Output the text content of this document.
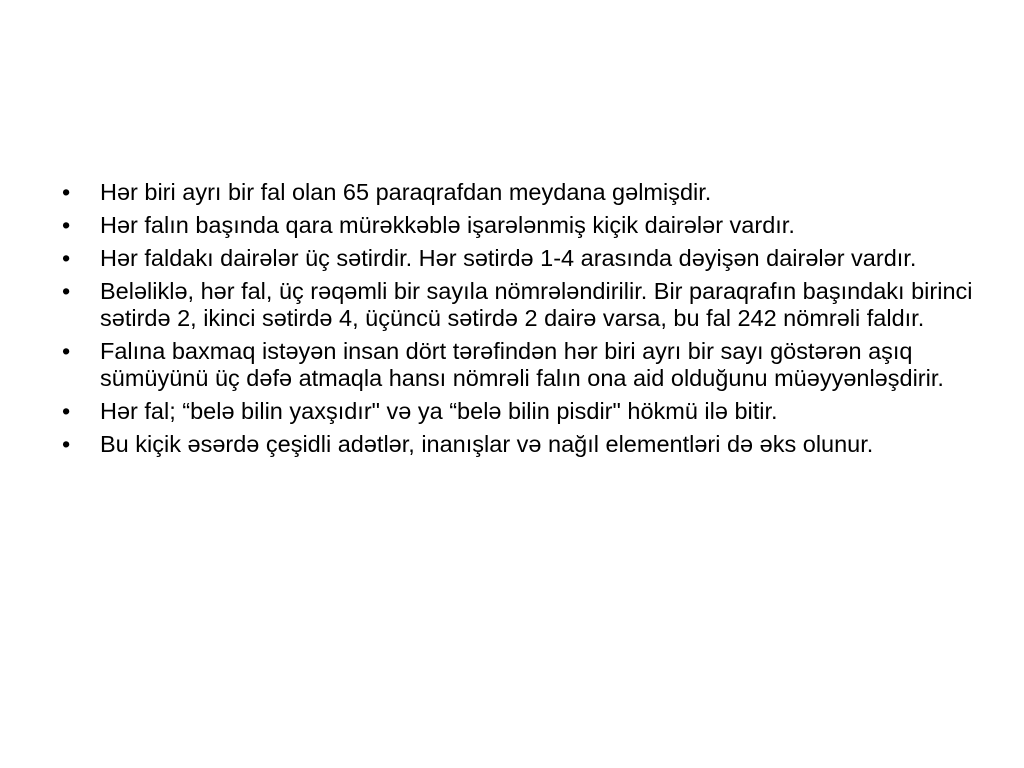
• Hər biri ayrı bir fal olan 65 paraqrafdan meydana gəlmişdir.
• Hər falın başında qara mürəkkəblə işarələnmiş kiçik dairələr vardır.
• Hər faldakı dairələr üç sətirdir. Hər sətirdə 1-4 arasında dəyişən dairələr vardır.
• Beləliklə, hər fal, üç rəqəmli bir sayıla nömrələndirilir. Bir paraqrafın başındakı birinci sətirdə 2, ikinci sətirdə 4, üçüncü sətirdə 2 dairə varsa, bu fal 242 nömrəli faldır.
• Falına baxmaq istəyən insan dört tərəfindən hər biri ayrı bir sayı göstərən aşıq sümüyünü üç dəfə atmaqla hansı nömrəli falın ona aid olduğunu müəyyənləşdirir.
• Hər fal; “belə bilin yaxşıdır" və ya “belə bilin pisdir" hökmü ilə bitir.
• Bu kiçik əsərdə çeşidli adətlər, inanışlar və nağıl elementləri də əks olunur.
